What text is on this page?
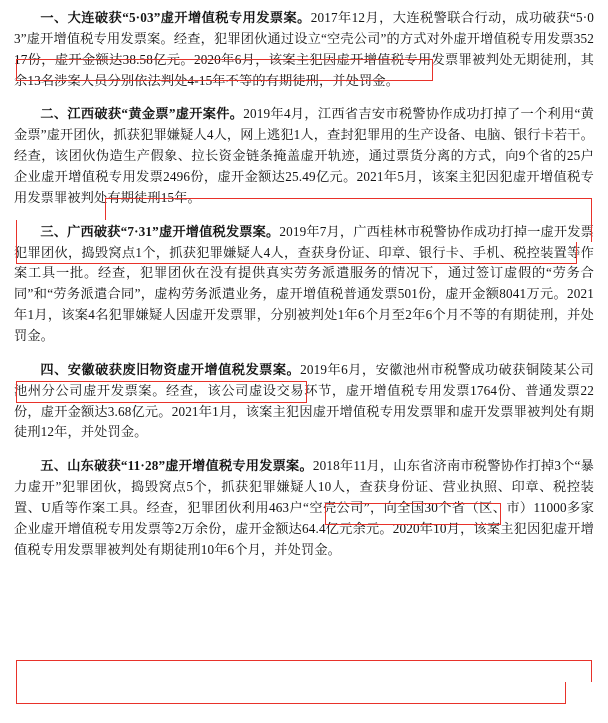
一、大连破获“5·03”虚开增值税专用发票案。2017年12月，大连税警联合行动，成功破获“5·03”虚开增值税专用发票案。经查，犯罪团伙通过设立“空壳公司”的方式对外虚开增值税专用发票35217份，虚开金额达38.58亿元。2020年6月，该案主犯因虚开增值税专用发票罪被判处无期徒刑，其余13名涉案人员分别依法判处4-15年不等的有期徒刑，并处罚金。

二、江西破获“黄金票”虚开案件。2019年4月，江西省吉安市税警协作成功打掉了一个利用“黄金票”虚开团伙，抓获犯罪嫌疑人4人，网上逃犯1人，查封犯罪用的生产设备、电脑、银行卡若干。经查，该团伙伪造生产假象、拉长资金链条掩盖虚开轨迹，通过票货分离的方式，向9个省的25户企业虚开增值税专用发票2496份，虚开金额达25.49亿元。2021年5月，该案主犯因犯虚开增值税专用发票罪被判处有期徒刑15年。

三、广西破获“7·31”虚开增值税发票案。2019年7月，广西桂林市税警协作成功打掉一虚开发票犯罪团伙，捣毁窝点1个，抓获犯罪嫌疑人4人，查获身份证、印章、银行卡、手机、税控装置等作案工具一批。经查，犯罪团伙在没有提供真实劳务派遣服务的情况下，通过签订虚假的“劳务合同”和“劳务派遣合同”，虚构劳务派遣业务，虚开增值税普通发票501份，虚开金额8041万元。2021年1月，该案4名犯罪嫌疑人因虚开发票罪，分别被判处1年6个月至2年6个月不等的有期徒刑，并处罚金。

四、安徽破获废旧物资虚开增值税发票案。2019年6月，安徽池州市税警成功破获铜陵某公司池州分公司虚开发票案。经查，该公司虚设交易环节，虚开增值税专用发票1764份、普通发票22份，虚开金额达3.68亿元。2021年1月，该案主犯因虚开增值税专用发票罪和虚开发票罪被判处有期徒刑12年，并处罚金。

五、山东破获“11·28”虚开增值税专用发票案。2018年11月，山东省济南市税警协作打掉3个“暴力虚开”犯罪团伙，捣毁窝点5个，抓获犯罪嫌疑人10人，查获身份证、营业执照、印章、税控装置、U盾等作案工具。经查，犯罪团伙利用463户“空壳公司”，向全国30个省（区、市）11000多家企业虚开增值税专用发票等2万余份，虚开金额达64.4亿元余元。2020年10月，该案主犯因犯虚开增值税专用发票罪被判处有期徒刑10年6个月，并处罚金。
